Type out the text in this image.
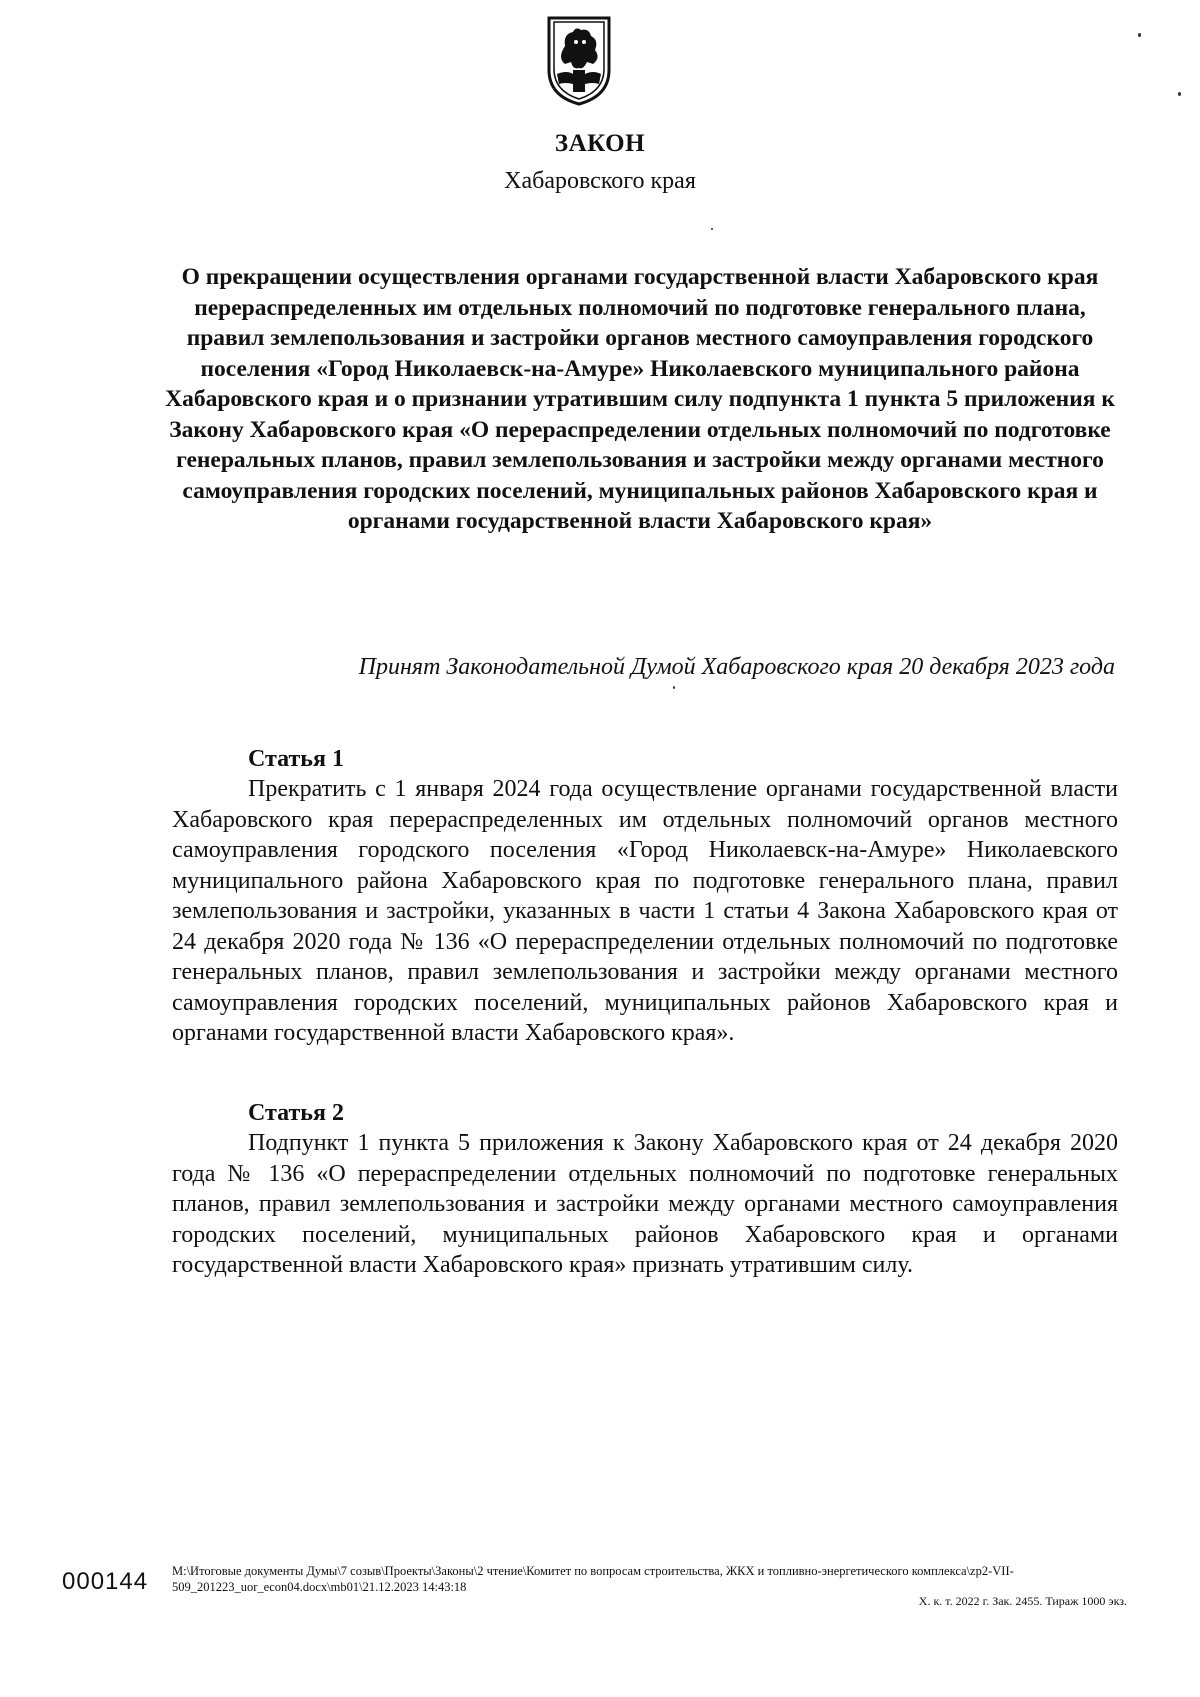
ЗАКОН
Хабаровского края
О прекращении осуществления органами государственной власти Хабаровского края перераспределенных им отдельных полномочий по подготовке генерального плана, правил землепользования и застройки органов местного самоуправления городского поселения «Город Николаевск-на-Амуре» Николаевского муниципального района Хабаровского края и о признании утратившим силу подпункта 1 пункта 5 приложения к Закону Хабаровского края «О перераспределении отдельных полномочий по подготовке генеральных планов, правил землепользования и застройки между органами местного самоуправления городских поселений, муниципальных районов Хабаровского края и органами государственной власти Хабаровского края»
Принят Законодательной Думой Хабаровского края 20 декабря 2023 года

Статья 1

Прекратить с 1 января 2024 года осуществление органами государственной власти Хабаровского края перераспределенных им отдельных полномочий органов местного самоуправления городского поселения «Город Николаевск-на-Амуре» Николаевского муниципального района Хабаровского края по подготовке генерального плана, правил землепользования и застройки, указанных в части 1 статьи 4 Закона Хабаровского края от 24 декабря 2020 года № 136 «О перераспределении отдельных полномочий по подготовке генеральных планов, правил землепользования и застройки между органами местного самоуправления городских поселений, муниципальных районов Хабаровского края и органами государственной власти Хабаровского края».

Статья 2

Подпункт 1 пункта 5 приложения к Закону Хабаровского края от 24 декабря 2020 года № 136 «О перераспределении отдельных полномочий по подготовке генеральных планов, правил землепользования и застройки между органами местного самоуправления городских поселений, муниципальных районов Хабаровского края и органами государственной власти Хабаровского края» признать утратившим силу.

000144 M:\Итоговые документы Думы\7 созыв\Проекты\Законы\2 чтение\Комитет по вопросам строительства, ЖКХ и топливно-энергетического комплекса\zp2-VII-509_201223_uor_econ04.docx\mb01\21.12.2023 14:43:18
Х. к. т. 2022 г. Зак. 2455. Тираж 1000 экз.
